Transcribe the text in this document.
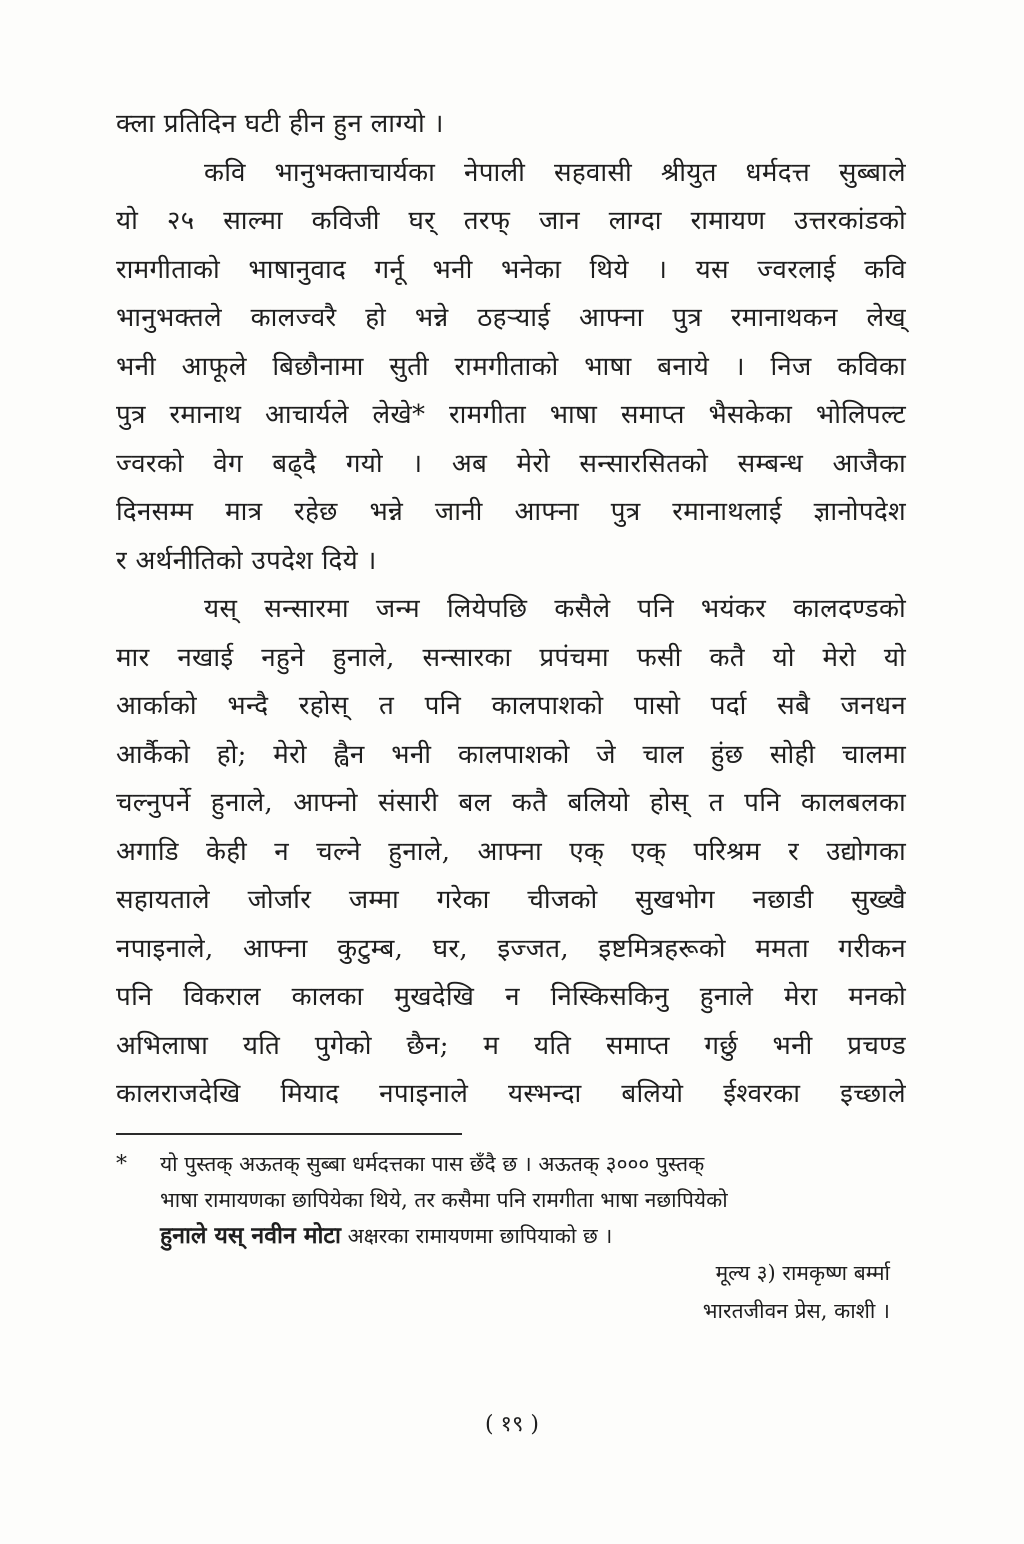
क्ला प्रतिदिन घटी हीन हुन लाग्यो ।
कवि भानुभक्ताचार्यका नेपाली सहवासी श्रीयुत धर्मदत्त सुब्बाले
यो २५ साल्मा कविजी घर् तरफ् जान लाग्दा रामायण उत्तरकांडको
रामगीताको भाषानुवाद गर्नू भनी भनेका थिये । यस ज्वरलाई कवि
भानुभक्तले कालज्वरै हो भन्ने ठहऱ्याई आफ्ना पुत्र रमानाथकन लेख्
भनी आफूले बिछौनामा सुती रामगीताको भाषा बनाये । निज कविका
पुत्र रमानाथ आचार्यले लेखे* रामगीता भाषा समाप्त भैसकेका भोलिपल्ट
ज्वरको वेग बढ्दै गयो । अब मेरो सन्सारसितको सम्बन्ध आजैका
दिनसम्म मात्र रहेछ भन्ने जानी आफ्ना पुत्र रमानाथलाई ज्ञानोपदेश
र अर्थनीतिको उपदेश दिये ।
यस् सन्सारमा जन्म लियेपछि कसैले पनि भयंकर कालदण्डको
मार नखाई नहुने हुनाले, सन्सारका प्रपंचमा फसी कतै यो मेरो यो
आर्काको भन्दै रहोस् त पनि कालपाशको पासो पर्दा सबै जनधन
आर्कैको हो; मेरो ह्वैन भनी कालपाशको जे चाल हुंछ सोही चालमा
चल्नुपर्ने हुनाले, आफ्नो संसारी बल कतै बलियो होस् त पनि कालबलका
अगाडि केही न चल्ने हुनाले, आफ्ना एक् एक् परिश्रम र उद्योगका
सहायताले जोर्जार जम्मा गरेका चीजको सुखभोग नछाडी सुख्खै
नपाइनाले, आफ्ना कुटुम्ब, घर, इज्जत, इष्टमित्रहरूको ममता गरीकन
पनि विकराल कालका मुखदेखि न निस्किसकिनु हुनाले मेरा मनको
अभिलाषा यति पुगेको छैन; म यति समाप्त गर्छु भनी प्रचण्ड
कालराजदेखि मियाद नपाइनाले यस्भन्दा बलियो ईश्वरका इच्छाले
* यो पुस्तक् अऊतक् सुब्बा धर्मदत्तका पास छँदै छ । अऊतक् ३००० पुस्तक्
भाषा रामायणका छापियेका थिये, तर कसैमा पनि रामगीता भाषा नछापियेको
हुनाले यस् नवीन मोटा अक्षरका रामायणमा छापियाको छ ।
मूल्य ३) रामकृष्ण बर्म्मा
भारतजीवन प्रेस, काशी ।
( १९ )
